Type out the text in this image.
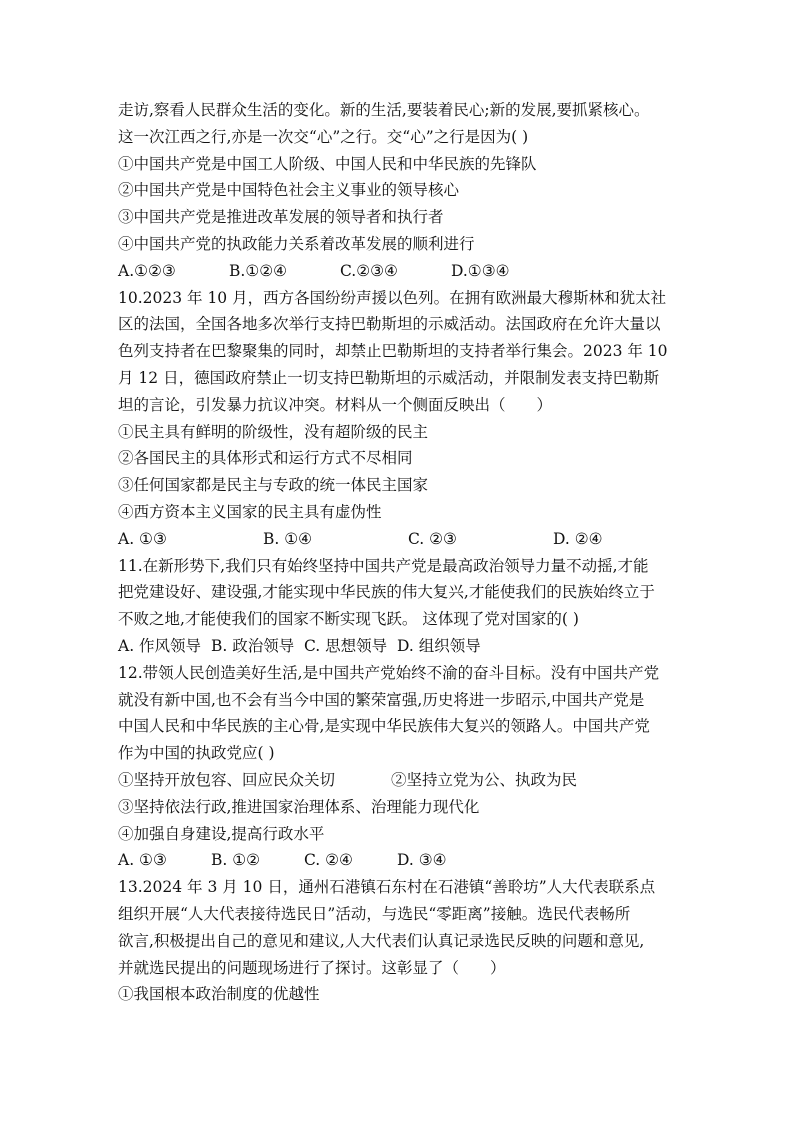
走访,察看人民群众生活的变化。新的生活,要装着民心;新的发展,要抓紧核心。
这一次江西之行,亦是一次交“心”之行。交“心”之行是因为( )
①中国共产党是中国工人阶级、中国人民和中华民族的先锋队
②中国共产党是中国特色社会主义事业的领导核心
③中国共产党是推进改革发展的领导者和执行者
④中国共产党的执政能力关系着改革发展的顺利进行
A.①②③	B.①②④	C.②③④	D.①③④
10.2023 年 10 月，西方各国纷纷声援以色列。在拥有欧洲最大穆斯林和犹太社
区的法国，全国各地多次举行支持巴勒斯坦的示威活动。法国政府在允许大量以
色列支持者在巴黎聚集的同时，却禁止巴勒斯坦的支持者举行集会。2023 年 10
月 12 日，德国政府禁止一切支持巴勒斯坦的示威活动，并限制发表支持巴勒斯
坦的言论，引发暴力抗议冲突。材料从一个侧面反映出（　　）
①民主具有鲜明的阶级性，没有超阶级的民主
②各国民主的具体形式和运行方式不尽相同
③任何国家都是民主与专政的统一体民主国家
④西方资本主义国家的民主具有虚伪性
A. ①③	B. ①④	C. ②③	D. ②④
11.在新形势下,我们只有始终坚持中国共产党是最高政治领导力量不动摇,才能
把党建设好、建设强,才能实现中华民族的伟大复兴,才能使我们的民族始终立于
不败之地,才能使我们的国家不断实现飞跃。 这体现了党对国家的( )
A. 作风领导 B. 政治领导 C. 思想领导 D. 组织领导
12.带领人民创造美好生活,是中国共产党始终不渝的奋斗目标。没有中国共产党
就没有新中国,也不会有当今中国的繁荣富强,历史将进一步昭示,中国共产党是
中国人民和中华民族的主心骨,是实现中华民族伟大复兴的领路人。中国共产党
作为中国的执政党应( )
①坚持开放包容、回应民众关切	②坚持立党为公、执政为民
③坚持依法行政,推进国家治理体系、治理能力现代化
④加强自身建设,提高行政水平
A. ①③	B. ①②	C. ②④	D. ③④
13.2024 年 3 月 10 日，通州石港镇石东村在石港镇“善聆坊”人大代表联系点
组织开展“人大代表接待选民日”活动，与选民“零距离”接触。选民代表畅所
欲言,积极提出自己的意见和建议,人大代表们认真记录选民反映的问题和意见,
并就选民提出的问题现场进行了探讨。这彰显了（　　）
①我国根本政治制度的优越性
